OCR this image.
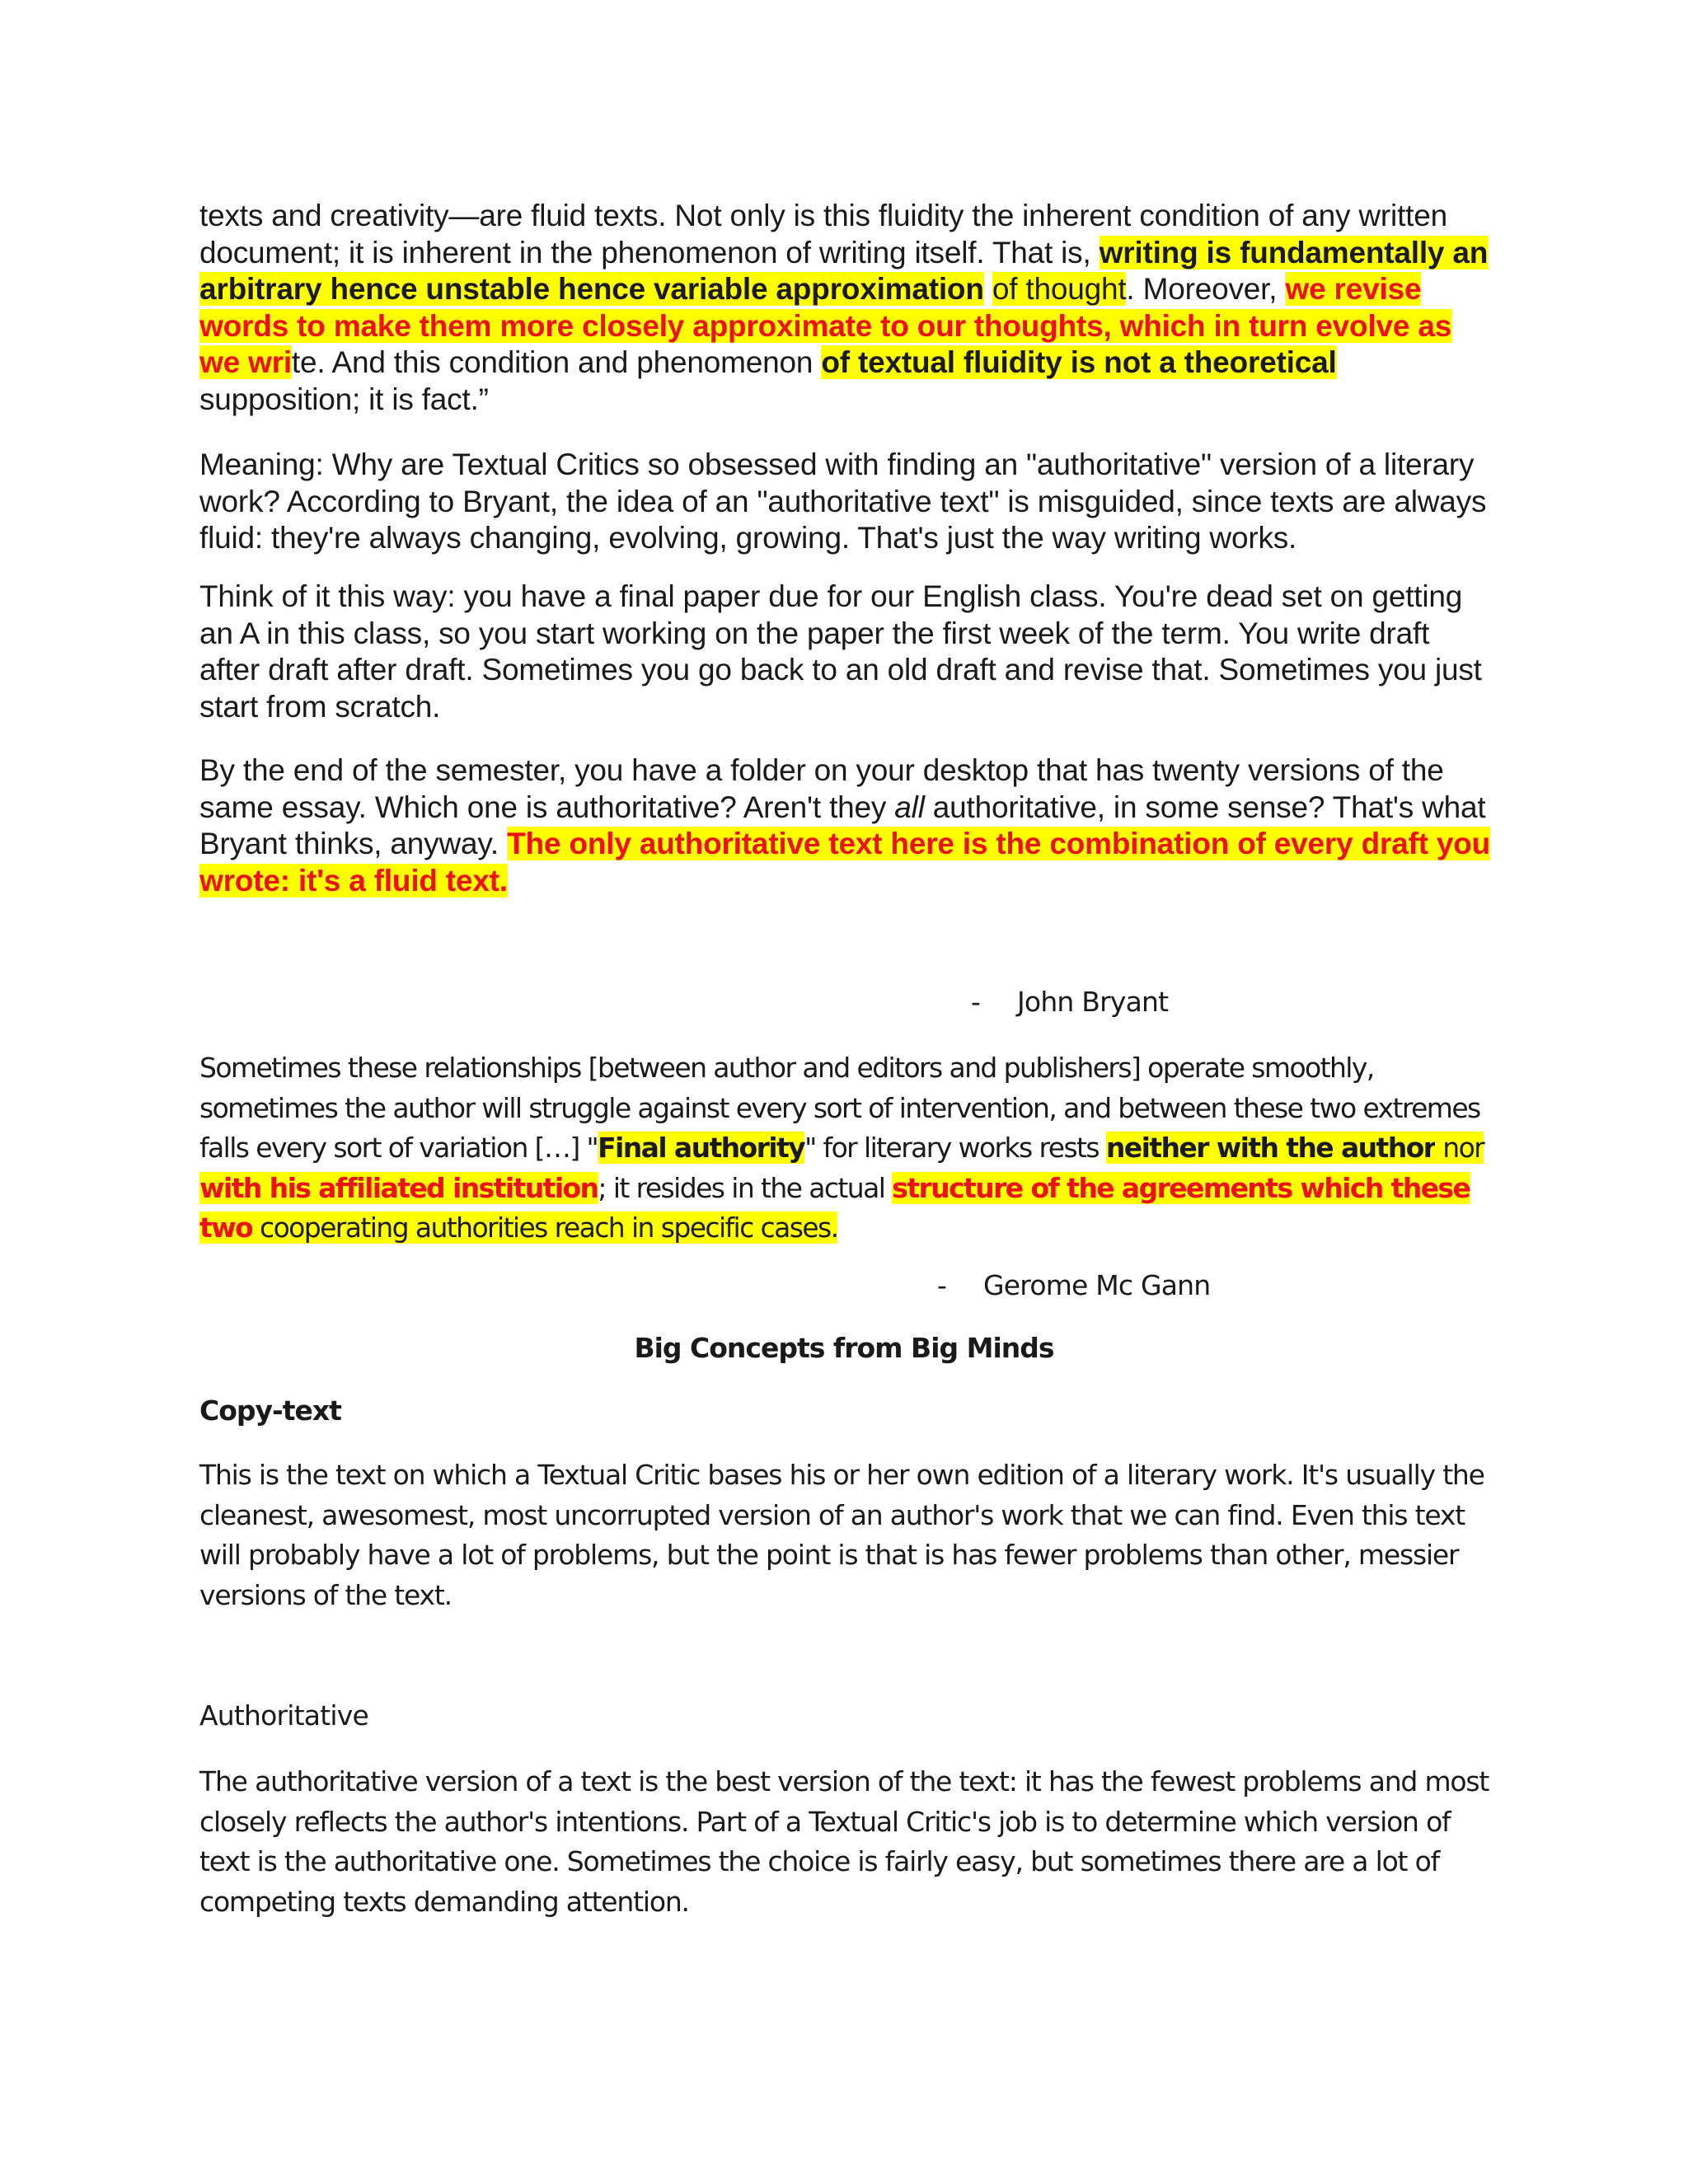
texts and creativity—are fluid texts. Not only is this fluidity the inherent condition of any written document; it is inherent in the phenomenon of writing itself. That is, writing is fundamentally an arbitrary hence unstable hence variable approximation of thought. Moreover, we revise words to make them more closely approximate to our thoughts, which in turn evolve as we write. And this condition and phenomenon of textual fluidity is not a theoretical supposition; it is fact.”

Meaning: Why are Textual Critics so obsessed with finding an "authoritative" version of a literary work? According to Bryant, the idea of an "authoritative text" is misguided, since texts are always fluid: they're always changing, evolving, growing. That's just the way writing works.

Think of it this way: you have a final paper due for our English class. You're dead set on getting an A in this class, so you start working on the paper the first week of the term. You write draft after draft after draft. Sometimes you go back to an old draft and revise that. Sometimes you just start from scratch.

By the end of the semester, you have a folder on your desktop that has twenty versions of the same essay. Which one is authoritative? Aren't they all authoritative, in some sense? That's what Bryant thinks, anyway. The only authoritative text here is the combination of every draft you wrote: it's a fluid text.

- John Bryant

Sometimes these relationships [between author and editors and publishers] operate smoothly, sometimes the author will struggle against every sort of intervention, and between these two extremes falls every sort of variation […] "Final authority" for literary works rests neither with the author nor with his affiliated institution; it resides in the actual structure of the agreements which these two cooperating authorities reach in specific cases.

- Gerome Mc Gann
Big Concepts from Big Minds
Copy-text

This is the text on which a Textual Critic bases his or her own edition of a literary work. It's usually the cleanest, awesomest, most uncorrupted version of an author's work that we can find. Even this text will probably have a lot of problems, but the point is that is has fewer problems than other, messier versions of the text.

Authoritative

The authoritative version of a text is the best version of the text: it has the fewest problems and most closely reflects the author's intentions. Part of a Textual Critic's job is to determine which version of text is the authoritative one. Sometimes the choice is fairly easy, but sometimes there are a lot of competing texts demanding attention.
